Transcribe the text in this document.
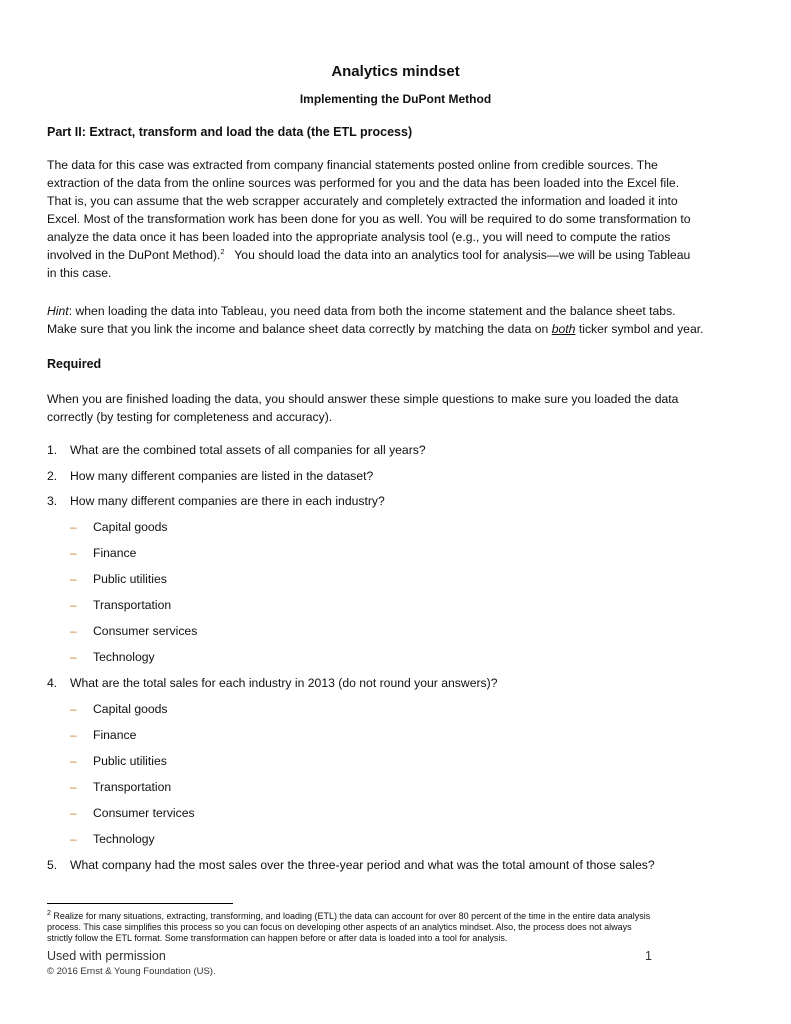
Analytics mindset
Implementing the DuPont Method
Part II: Extract, transform and load the data (the ETL process)
The data for this case was extracted from company financial statements posted online from credible sources. The
extraction of the data from the online sources was performed for you and the data has been loaded into the Excel file.
That is, you can assume that the web scrapper accurately and completely extracted the information and loaded it into
Excel. Most of the transformation work has been done for you as well. You will be required to do some transformation to
analyze the data once it has been loaded into the appropriate analysis tool (e.g., you will need to compute the ratios
involved in the DuPont Method).$^2$   You should load the data into an analytics tool for analysis—we will be using Tableau
in this case.
Hint: when loading the data into Tableau, you need data from both the income statement and the balance sheet tabs.
Make sure that you link the income and balance sheet data correctly by matching the data on both ticker symbol and year.
Required
When you are finished loading the data, you should answer these simple questions to make sure you loaded the data
correctly (by testing for completeness and accuracy).
1. What are the combined total assets of all companies for all years?
2. How many different companies are listed in the dataset?
3. How many different companies are there in each industry?
– Capital goods
– Finance
– Public utilities
– Transportation
– Consumer services
– Technology
4. What are the total sales for each industry in 2013 (do not round your answers)?
– Capital goods
– Finance
– Public utilities
– Transportation
– Consumer tervices
– Technology
5. What company had the most sales over the three-year period and what was the total amount of those sales?
$^2$ Realize for many situations, extracting, transforming, and loading (ETL) the data can account for over 80 percent of the time in the entire data analysis
process. This case simplifies this process so you can focus on developing other aspects of an analytics mindset. Also, the process does not always
strictly follow the ETL format. Some transformation can happen before or after data is loaded into a tool for analysis.
Used with permission	1
© 2016 Ernst & Young Foundation (US).
